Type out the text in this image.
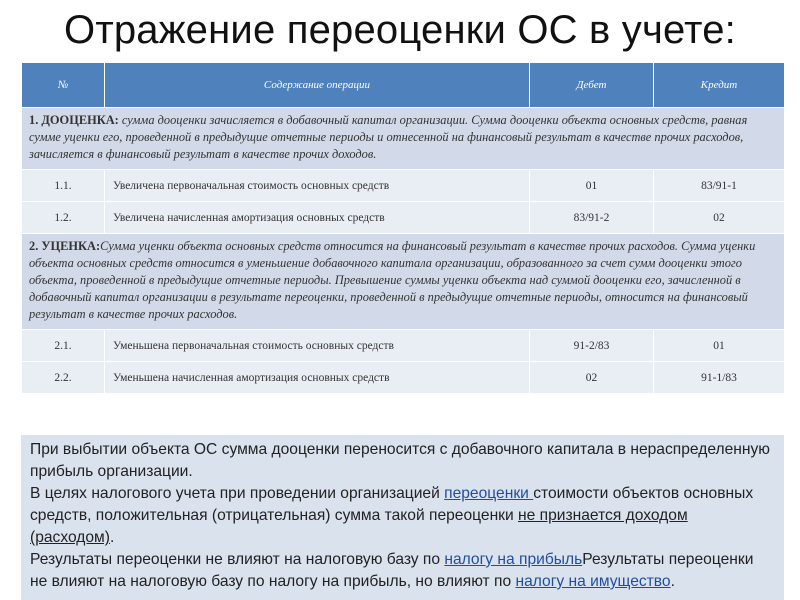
Отражение переоценки ОС в учете:
№	Содержание операции	Дебет	Кредит
1. ДООЦЕНКА: сумма дооценки зачисляется в добавочный капитал организации. Сумма дооценки объекта основных средств, равная сумме уценки его, проведенной в предыдущие отчетные периоды и отнесенной на финансовый результат в качестве прочих расходов, зачисляется в финансовый результат в качестве прочих доходов.			
1.1.	Увеличена первоначальная стоимость основных средств	01	83/91-1
1.2.	Увеличена начисленная амортизация основных средств	83/91-2	02
2. УЦЕНКА:Сумма уценки объекта основных средств относится на финансовый результат в качестве прочих расходов. Сумма уценки объекта основных средств относится в уменьшение добавочного капитала организации, образованного за счет сумм дооценки этого объекта, проведенной в предыдущие отчетные периоды. Превышение суммы уценки объекта над суммой дооценки его, зачисленной в добавочный капитал организации в результате переоценки, проведенной в предыдущие отчетные периоды, относится на финансовый результат в качестве прочих расходов.			
2.1.	Уменьшена первоначальная стоимость основных средств	91-2/83	01
2.2.	Уменьшена начисленная амортизация основных средств	02	91-1/83

При выбытии объекта ОС сумма дооценки переносится с добавочного капитала в нераспределенную прибыль организации.

В целях налогового учета при проведении организацией переоценки стоимости объектов основных средств, положительная (отрицательная) сумма такой переоценки не признается доходом (расходом).

Результаты переоценки не влияют на налоговую базу по налогу на прибыльРезультаты переоценки не влияют на налоговую базу по налогу на прибыль, но влияют по налогу на имущество.
